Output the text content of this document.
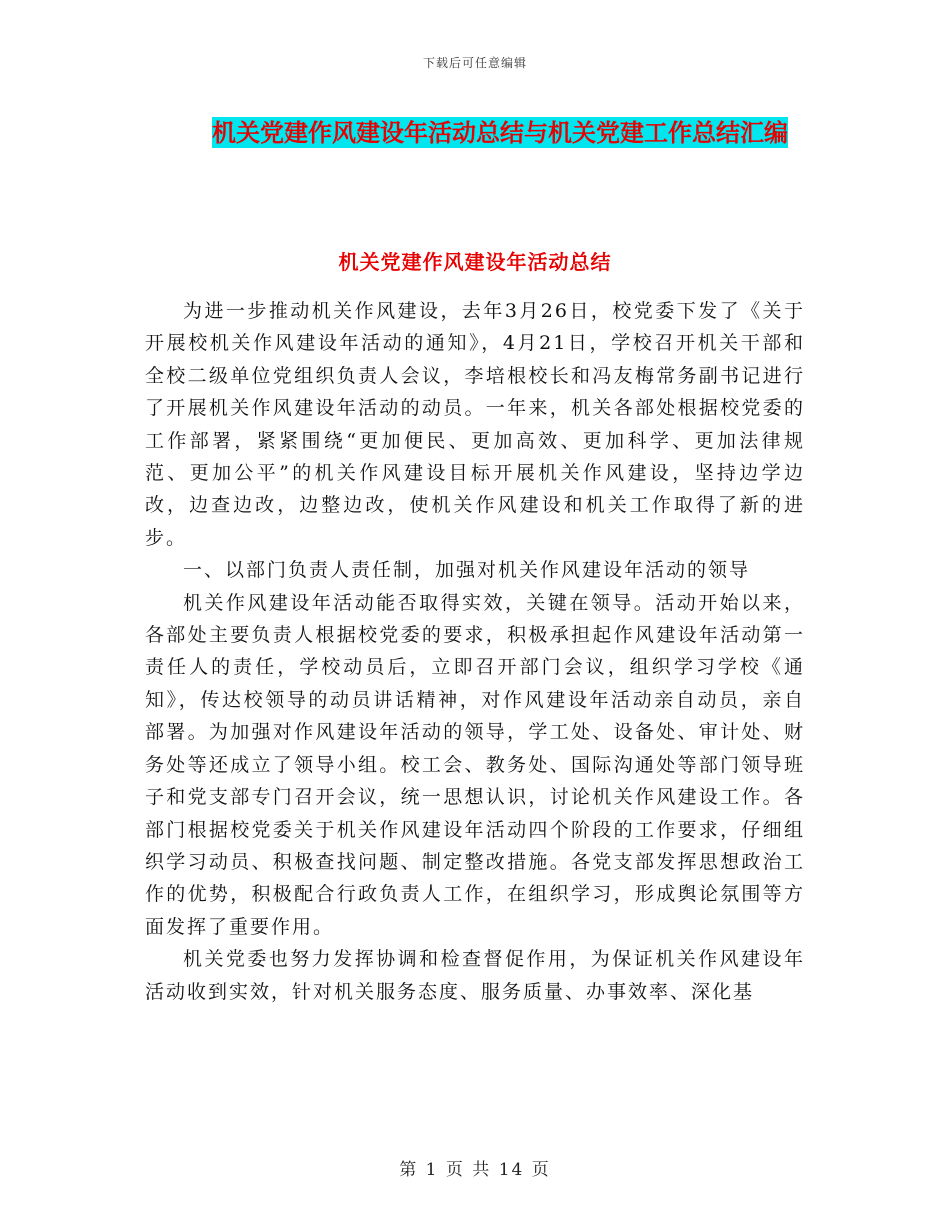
下载后可任意编辑
机关党建作风建设年活动总结与机关党建工作总结汇编
机关党建作风建设年活动总结

为进一步推动机关作风建设，去年3月26日，校党委下发了《关于开展校机关作风建设年活动的通知》，4月21日，学校召开机关干部和全校二级单位党组织负责人会议，李培根校长和冯友梅常务副书记进行了开展机关作风建设年活动的动员。一年来，机关各部处根据校党委的工作部署，紧紧围绕“更加便民、更加高效、更加科学、更加法律规范、更加公平”的机关作风建设目标开展机关作风建设，坚持边学边改，边查边改，边整边改，使机关作风建设和机关工作取得了新的进步。

一、以部门负责人责任制，加强对机关作风建设年活动的领导

机关作风建设年活动能否取得实效，关键在领导。活动开始以来，各部处主要负责人根据校党委的要求，积极承担起作风建设年活动第一责任人的责任，学校动员后，立即召开部门会议，组织学习学校《通知》，传达校领导的动员讲话精神，对作风建设年活动亲自动员，亲自部署。为加强对作风建设年活动的领导，学工处、设备处、审计处、财务处等还成立了领导小组。校工会、教务处、国际沟通处等部门领导班子和党支部专门召开会议，统一思想认识，讨论机关作风建设工作。各部门根据校党委关于机关作风建设年活动四个阶段的工作要求，仔细组织学习动员、积极查找问题、制定整改措施。各党支部发挥思想政治工作的优势，积极配合行政负责人工作，在组织学习，形成舆论氛围等方面发挥了重要作用。

机关党委也努力发挥协调和检查督促作用，为保证机关作风建设年活动收到实效，针对机关服务态度、服务质量、办事效率、深化基

第 1 页 共 14 页
